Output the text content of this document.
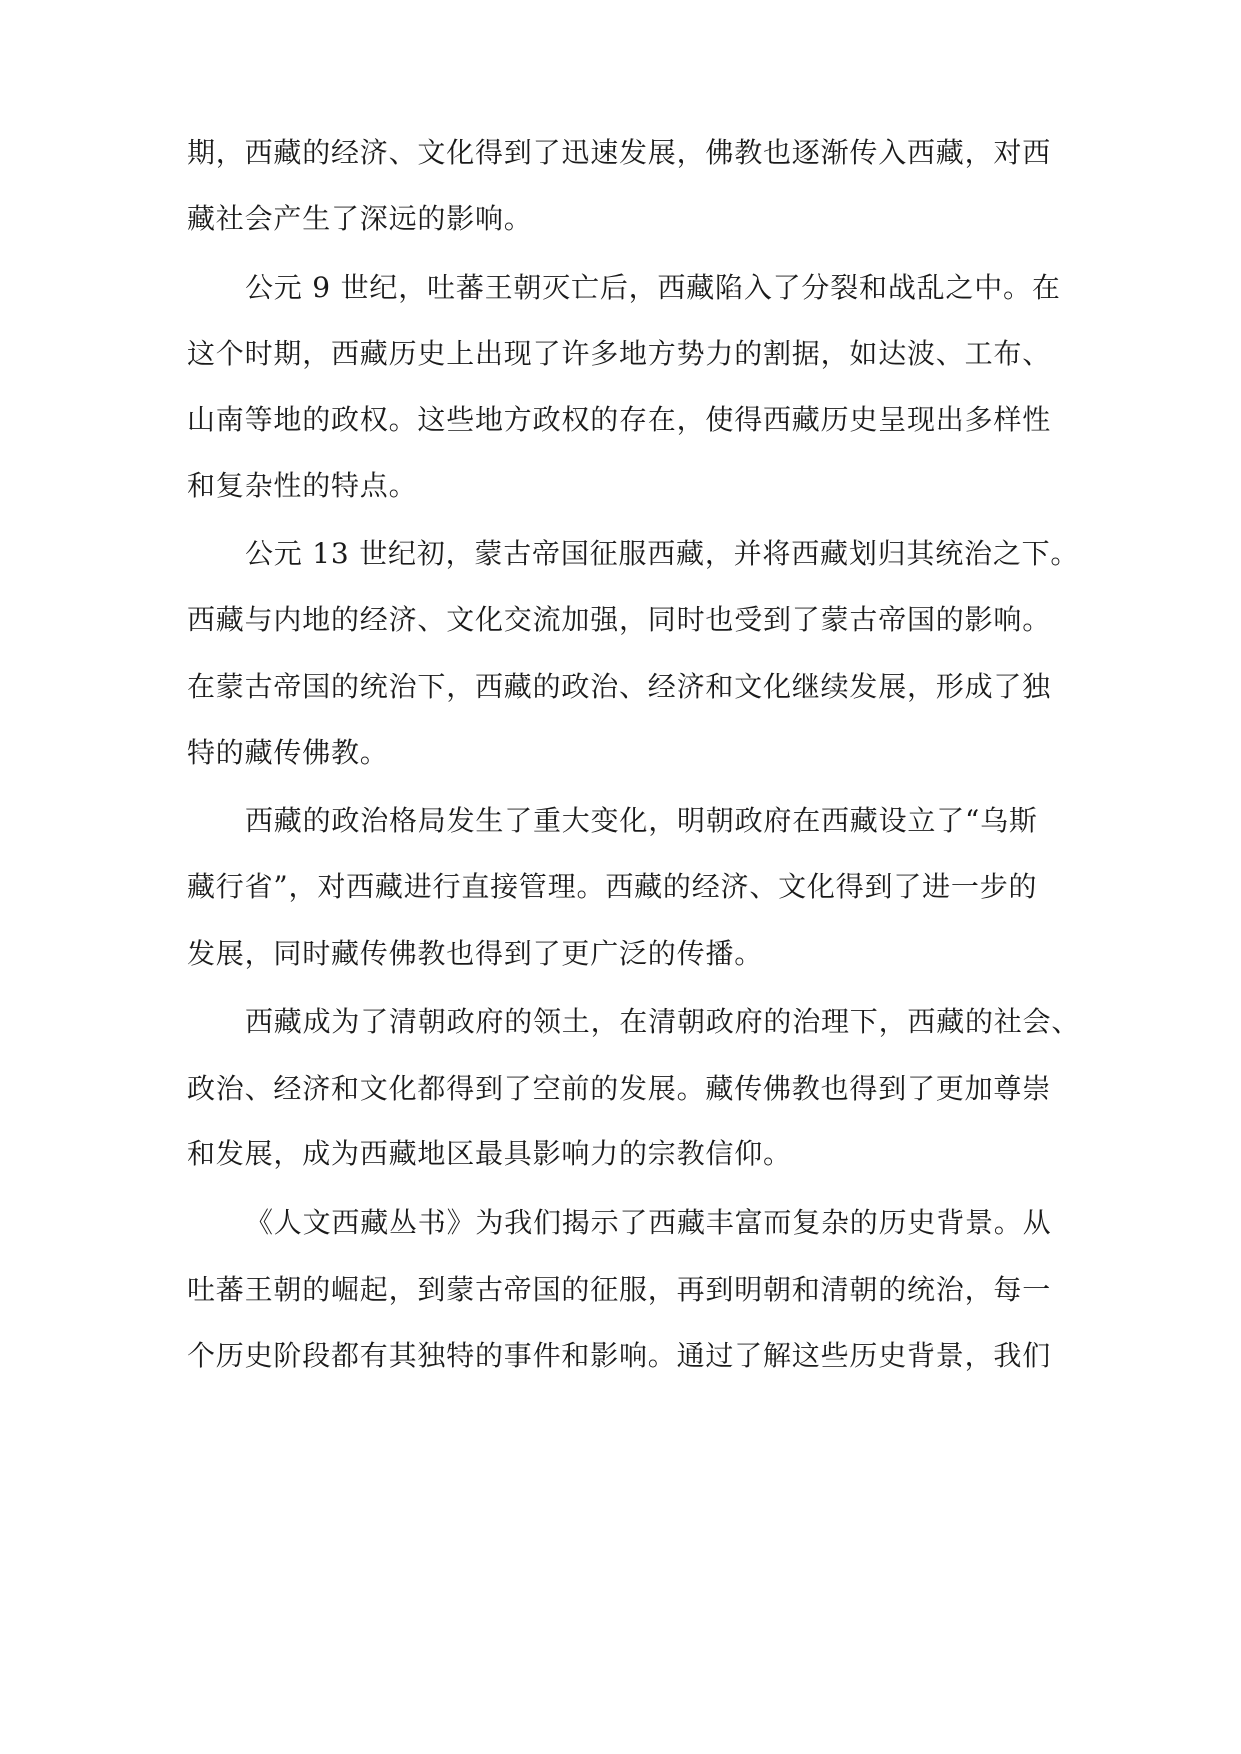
期，西藏的经济、文化得到了迅速发展，佛教也逐渐传入西藏，对西
藏社会产生了深远的影响。
公元 9 世纪，吐蕃王朝灭亡后，西藏陷入了分裂和战乱之中。在
这个时期，西藏历史上出现了许多地方势力的割据，如达波、工布、
山南等地的政权。这些地方政权的存在，使得西藏历史呈现出多样性
和复杂性的特点。
公元 13 世纪初，蒙古帝国征服西藏，并将西藏划归其统治之下。
西藏与内地的经济、文化交流加强，同时也受到了蒙古帝国的影响。
在蒙古帝国的统治下，西藏的政治、经济和文化继续发展，形成了独
特的藏传佛教。
西藏的政治格局发生了重大变化，明朝政府在西藏设立了“乌斯
藏行省”，对西藏进行直接管理。西藏的经济、文化得到了进一步的
发展，同时藏传佛教也得到了更广泛的传播。
西藏成为了清朝政府的领土，在清朝政府的治理下，西藏的社会、
政治、经济和文化都得到了空前的发展。藏传佛教也得到了更加尊崇
和发展，成为西藏地区最具影响力的宗教信仰。
《人文西藏丛书》为我们揭示了西藏丰富而复杂的历史背景。从
吐蕃王朝的崛起，到蒙古帝国的征服，再到明朝和清朝的统治，每一
个历史阶段都有其独特的事件和影响。通过了解这些历史背景，我们
